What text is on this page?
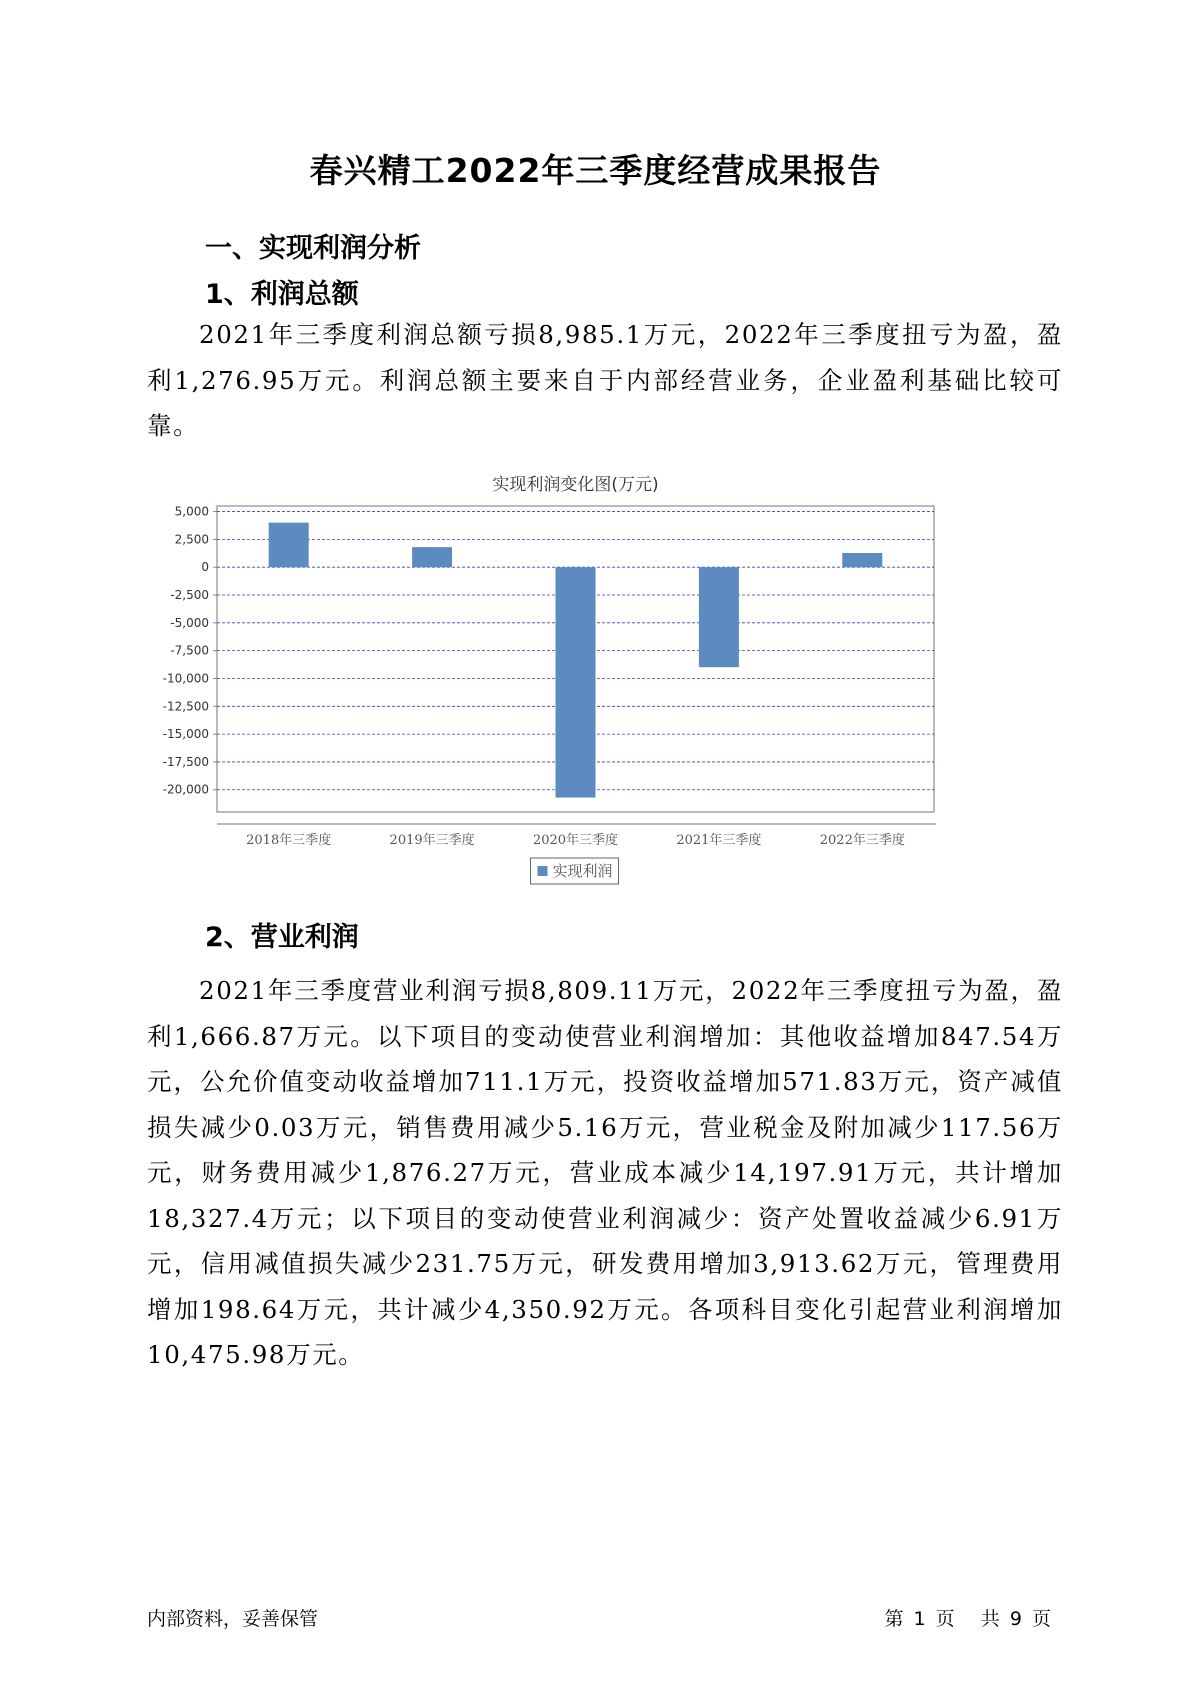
春兴精工2022年三季度经营成果报告
一、实现利润分析
1、利润总额
2021年三季度利润总额亏损8,985.1万元，2022年三季度扭亏为盈，盈利1,276.95万元。利润总额主要来自于内部经营业务，企业盈利基础比较可靠。
实现利润变化图(万元)
5,000
2,500
0
-2,500
-5,000
-7,500
-10,000
-12,500
-15,000
-17,500
-20,000
2018年三季度	2019年三季度	2020年三季度	2021年三季度	2022年三季度
实现利润
2、营业利润
2021年三季度营业利润亏损8,809.11万元，2022年三季度扭亏为盈，盈利1,666.87万元。以下项目的变动使营业利润增加：其他收益增加847.54万元，公允价值变动收益增加711.1万元，投资收益增加571.83万元，资产减值损失减少0.03万元，销售费用减少5.16万元，营业税金及附加减少117.56万元，财务费用减少1,876.27万元，营业成本减少14,197.91万元，共计增加18,327.4万元；以下项目的变动使营业利润减少：资产处置收益减少6.91万元，信用减值损失减少231.75万元，研发费用增加3,913.62万元，管理费用增加198.64万元，共计减少4,350.92万元。各项科目变化引起营业利润增加10,475.98万元。
内部资料，妥善保管	第 1 页 共 9 页
